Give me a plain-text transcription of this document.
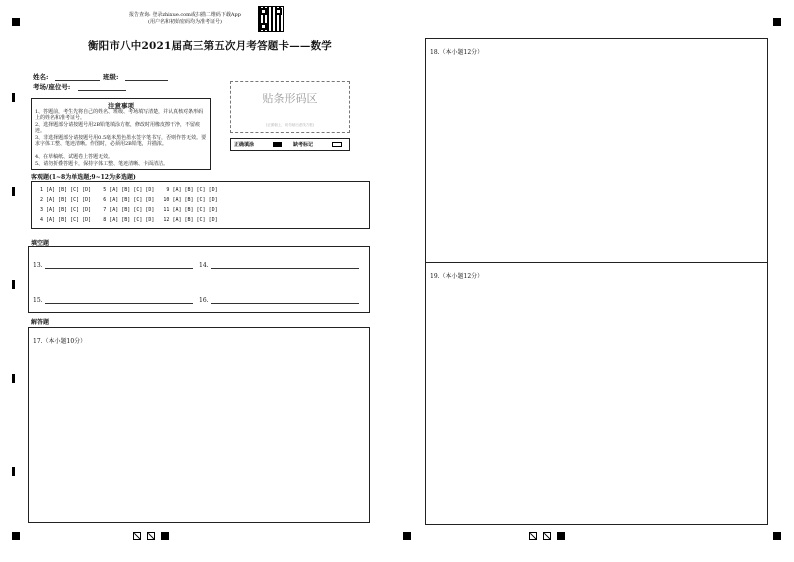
报告查询: 登录zhixue.com或扫描二维码下载App
(用户名和初始密码均为准考证号)
衡阳市八中2021届高三第五次月考答题卡——数学
姓名:	班级:
考场/座位号:
注意事项
1、答题前，考生先将自己的姓名、班级、考场填写清楚，并认真核对条形码上的姓名和准考证号。
2、选择题部分请按题号用2B铅笔填涂方框，修改时用橡皮擦干净，不留痕迹。
3、非选择题部分请按题号用0.5毫米黑色墨水签字笔书写，否则作答无效。要求字体工整、笔迹清晰。作图时，必须用2B铅笔，并描浓。
4、在草稿纸、试题卷上答题无效。
5、请勿折叠答题卡，保持字体工整、笔迹清晰、卡面清洁。
贴条形码区
(正面朝上，切勿贴出虚线方框)
正确填涂	缺考标记
客观题(1~8为单选题;9~12为多选题)
1 [A] [B] [C] [D]    5 [A] [B] [C] [D]    9 [A] [B] [C] [D]
2 [A] [B] [C] [D]    6 [A] [B] [C] [D]   10 [A] [B] [C] [D]
3 [A] [B] [C] [D]    7 [A] [B] [C] [D]   11 [A] [B] [C] [D]
4 [A] [B] [C] [D]    8 [A] [B] [C] [D]   12 [A] [B] [C] [D]
填空题
13.	14.
15.	16.
解答题
17.（本小题10分）
18.（本小题12分）
19.（本小题12分）
